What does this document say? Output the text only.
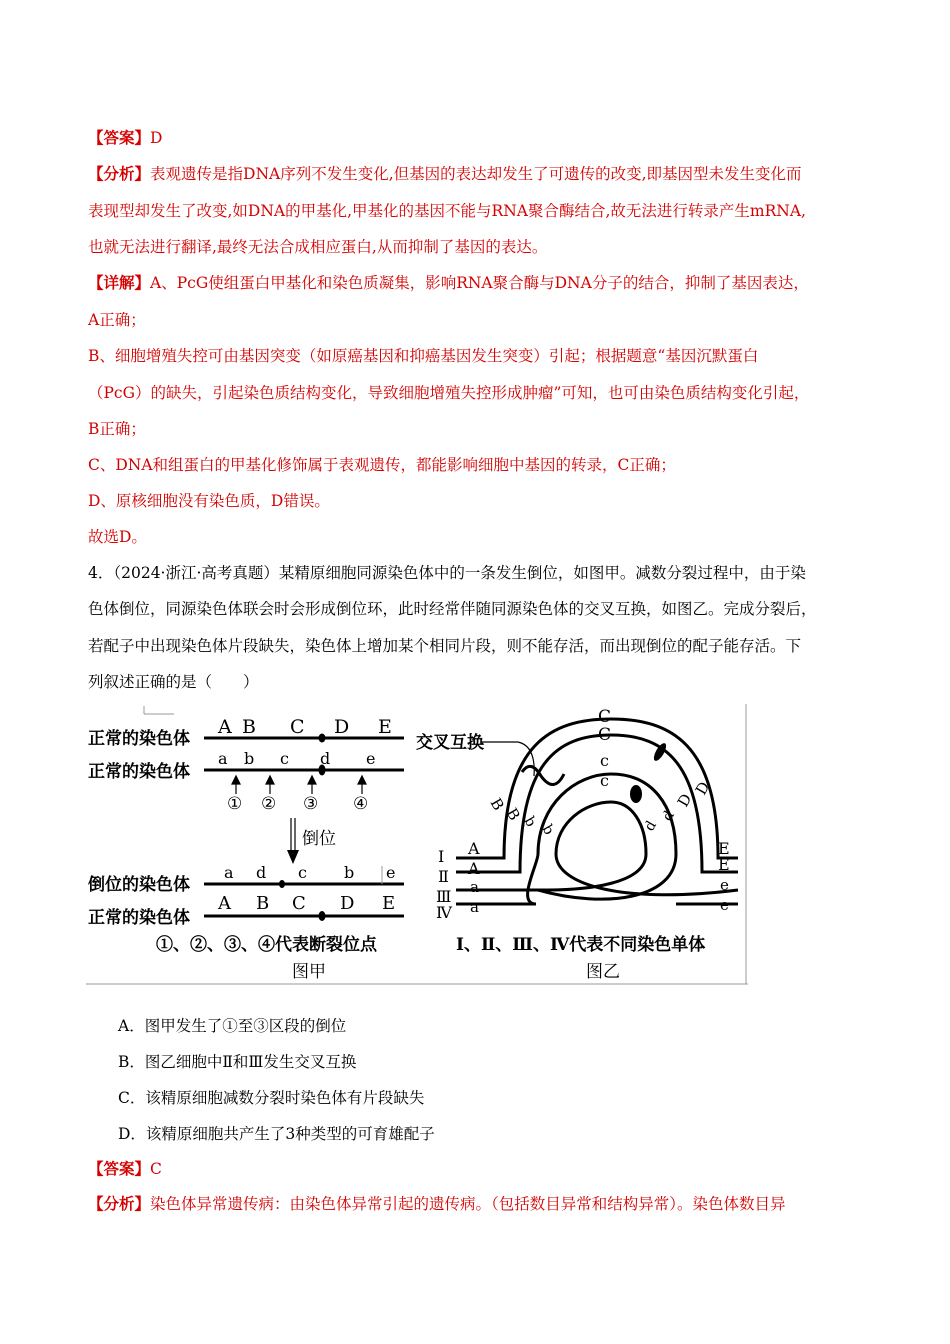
【答案】D
【分析】表观遗传是指DNA序列不发生变化,但基因的表达却发生了可遗传的改变,即基因型未发生变化而
表现型却发生了改变,如DNA的甲基化,甲基化的基因不能与RNA聚合酶结合,故无法进行转录产生mRNA,
也就无法进行翻译,最终无法合成相应蛋白,从而抑制了基因的表达。
【详解】A、PcG使组蛋白甲基化和染色质凝集，影响RNA聚合酶与DNA分子的结合，抑制了基因表达，
A正确；
B、细胞增殖失控可由基因突变（如原癌基因和抑癌基因发生突变）引起；根据题意“基因沉默蛋白
（PcG）的缺失，引起染色质结构变化，导致细胞增殖失控形成肿瘤”可知，也可由染色质结构变化引起，
B正确；
C、DNA和组蛋白的甲基化修饰属于表观遗传，都能影响细胞中基因的转录，C正确；
D、原核细胞没有染色质，D错误。
故选D。
4．（2024·浙江·高考真题）某精原细胞同源染色体中的一条发生倒位，如图甲。减数分裂过程中，由于染
色体倒位，同源染色体联会时会形成倒位环，此时经常伴随同源染色体的交叉互换，如图乙。完成分裂后，
若配子中出现染色体片段缺失，染色体上增加某个相同片段，则不能存活，而出现倒位的配子能存活。下
列叙述正确的是（　　）
正常的染色体
正常的染色体
A B C D E
a b c d e
① ② ③ ④
倒位
倒位的染色体
正常的染色体
a d c b e
A B C D E
①、②、③、④代表断裂位点
图甲
交叉互换
Ⅰ
Ⅱ
Ⅲ
Ⅳ
A
A
a
a
E
E
e
e
C
C
c
c
B
B
b
b
D
D
d
d
Ⅰ、Ⅱ、Ⅲ、Ⅳ代表不同染色单体
图乙
A．图甲发生了①至③区段的倒位
B．图乙细胞中Ⅱ和Ⅲ发生交叉互换
C．该精原细胞减数分裂时染色体有片段缺失
D．该精原细胞共产生了3种类型的可育雄配子
【答案】C
【分析】染色体异常遗传病：由染色体异常引起的遗传病。（包括数目异常和结构异常）。染色体数目异
